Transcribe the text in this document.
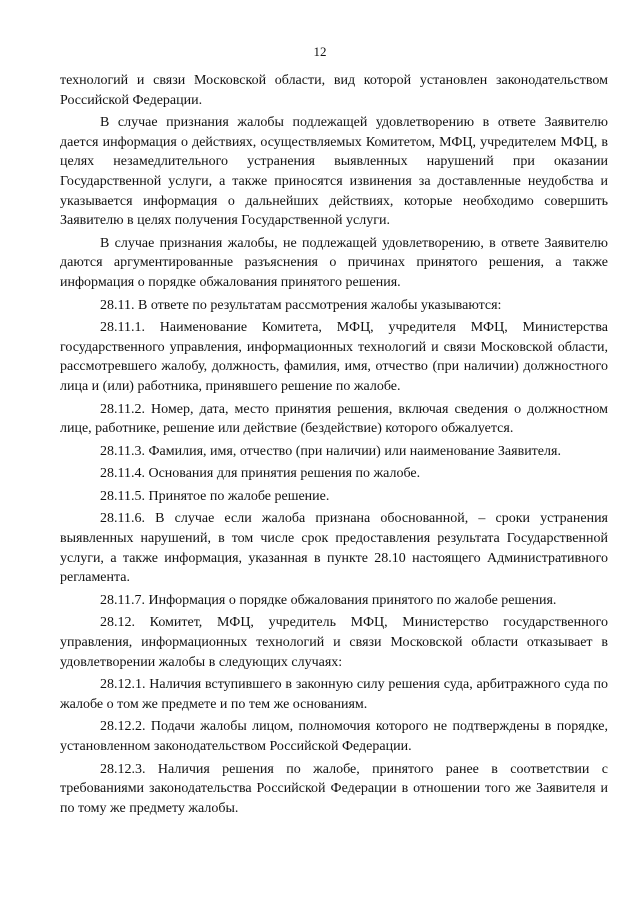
12

технологий и связи Московской области, вид которой установлен законодательством Российской Федерации.

В случае признания жалобы подлежащей удовлетворению в ответе Заявителю дается информация о действиях, осуществляемых Комитетом, МФЦ, учредителем МФЦ, в целях незамедлительного устранения выявленных нарушений при оказании Государственной услуги, а также приносятся извинения за доставленные неудобства и указывается информация о дальнейших действиях, которые необходимо совершить Заявителю в целях получения Государственной услуги.

В случае признания жалобы, не подлежащей удовлетворению, в ответе Заявителю даются аргументированные разъяснения о причинах принятого решения, а также информация о порядке обжалования принятого решения.

28.11. В ответе по результатам рассмотрения жалобы указываются:

28.11.1. Наименование Комитета, МФЦ, учредителя МФЦ, Министерства государственного управления, информационных технологий и связи Московской области, рассмотревшего жалобу, должность, фамилия, имя, отчество (при наличии) должностного лица и (или) работника, принявшего решение по жалобе.

28.11.2. Номер, дата, место принятия решения, включая сведения о должностном лице, работнике, решение или действие (бездействие) которого обжалуется.

28.11.3. Фамилия, имя, отчество (при наличии) или наименование Заявителя.

28.11.4. Основания для принятия решения по жалобе.

28.11.5. Принятое по жалобе решение.

28.11.6. В случае если жалоба признана обоснованной, – сроки устранения выявленных нарушений, в том числе срок предоставления результата Государственной услуги, а также информация, указанная в пункте 28.10 настоящего Административного регламента.

28.11.7. Информация о порядке обжалования принятого по жалобе решения.

28.12. Комитет, МФЦ, учредитель МФЦ, Министерство государственного управления, информационных технологий и связи Московской области отказывает в удовлетворении жалобы в следующих случаях:

28.12.1. Наличия вступившего в законную силу решения суда, арбитражного суда по жалобе о том же предмете и по тем же основаниям.

28.12.2. Подачи жалобы лицом, полномочия которого не подтверждены в порядке, установленном законодательством Российской Федерации.

28.12.3. Наличия решения по жалобе, принятого ранее в соответствии с требованиями законодательства Российской Федерации в отношении того же Заявителя и по тому же предмету жалобы.
